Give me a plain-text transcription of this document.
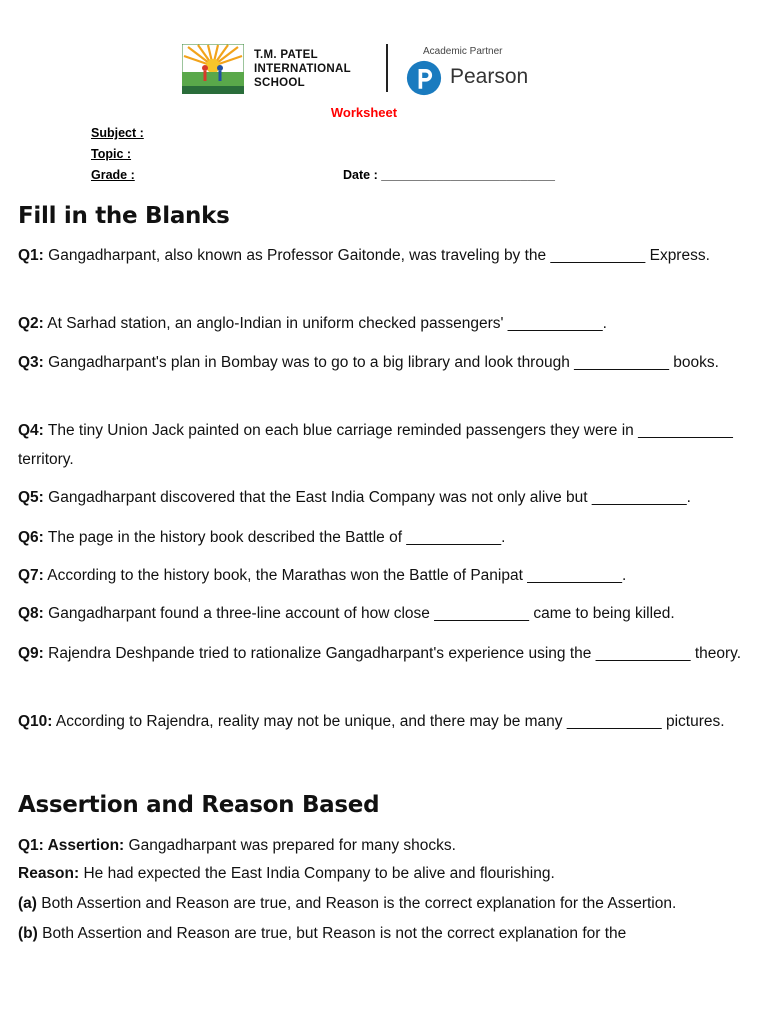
T.M. PATEL
INTERNATIONAL
SCHOOL
Academic Partner
Pearson
Worksheet
Subject :
Topic :
Grade :	Date : _________________________
Fill in the Blanks
Q1: Gangadharpant, also known as Professor Gaitonde, was traveling by the ___________ Express.
Q2: At Sarhad station, an anglo-Indian in uniform checked passengers' ___________.
Q3: Gangadharpant's plan in Bombay was to go to a big library and look through ___________ books.
Q4: The tiny Union Jack painted on each blue carriage reminded passengers they were in ___________ territory.
Q5: Gangadharpant discovered that the East India Company was not only alive but ___________.
Q6: The page in the history book described the Battle of ___________.
Q7: According to the history book, the Marathas won the Battle of Panipat ___________.
Q8: Gangadharpant found a three-line account of how close ___________ came to being killed.
Q9: Rajendra Deshpande tried to rationalize Gangadharpant's experience using the ___________ theory.
Q10: According to Rajendra, reality may not be unique, and there may be many ___________ pictures.
Assertion and Reason Based
Q1: Assertion: Gangadharpant was prepared for many shocks.
Reason: He had expected the East India Company to be alive and flourishing.
(a) Both Assertion and Reason are true, and Reason is the correct explanation for the Assertion.
(b) Both Assertion and Reason are true, but Reason is not the correct explanation for the
